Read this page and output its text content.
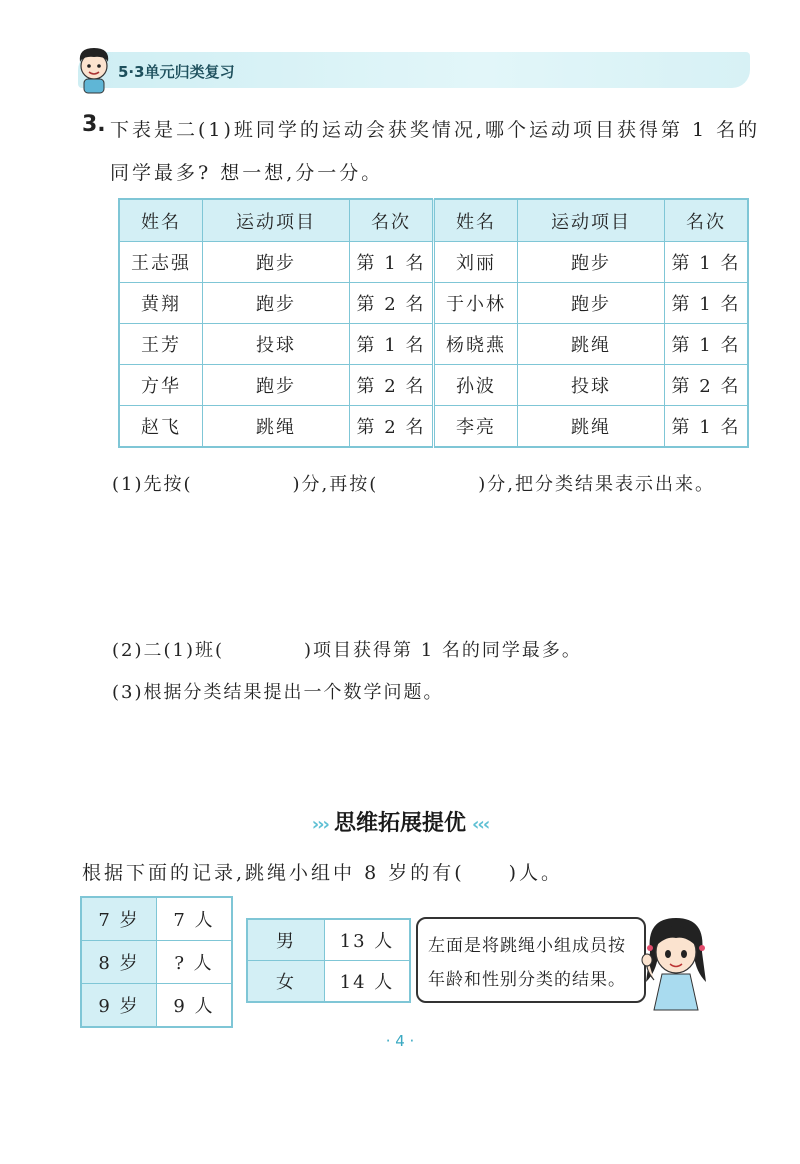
5·3单元归类复习
3. 下表是二(1)班同学的运动会获奖情况,哪个运动项目获得第 1 名的
同学最多? 想一想,分一分。
姓名	运动项目	名次	姓名	运动项目	名次
王志强	跑步	第 1 名	刘丽	跑步	第 1 名
黄翔	跑步	第 2 名	于小林	跑步	第 1 名
王芳	投球	第 1 名	杨晓燕	跳绳	第 1 名
方华	跑步	第 2 名	孙波	投球	第 2 名
赵飞	跳绳	第 2 名	李亮	跳绳	第 1 名
(1)先按(　　　　　)分,再按(　　　　　)分,把分类结果表示出来。
(2)二(1)班(　　　　)项目获得第 1 名的同学最多。
(3)根据分类结果提出一个数学问题。
››› 思维拓展提优 ‹‹‹
根据下面的记录,跳绳小组中 8 岁的有(　　)人。
7 岁	7 人
8 岁	? 人
9 岁	9 人
男	13 人
女	14 人
左面是将跳绳小组成员按
年龄和性别分类的结果。
· 4 ·
